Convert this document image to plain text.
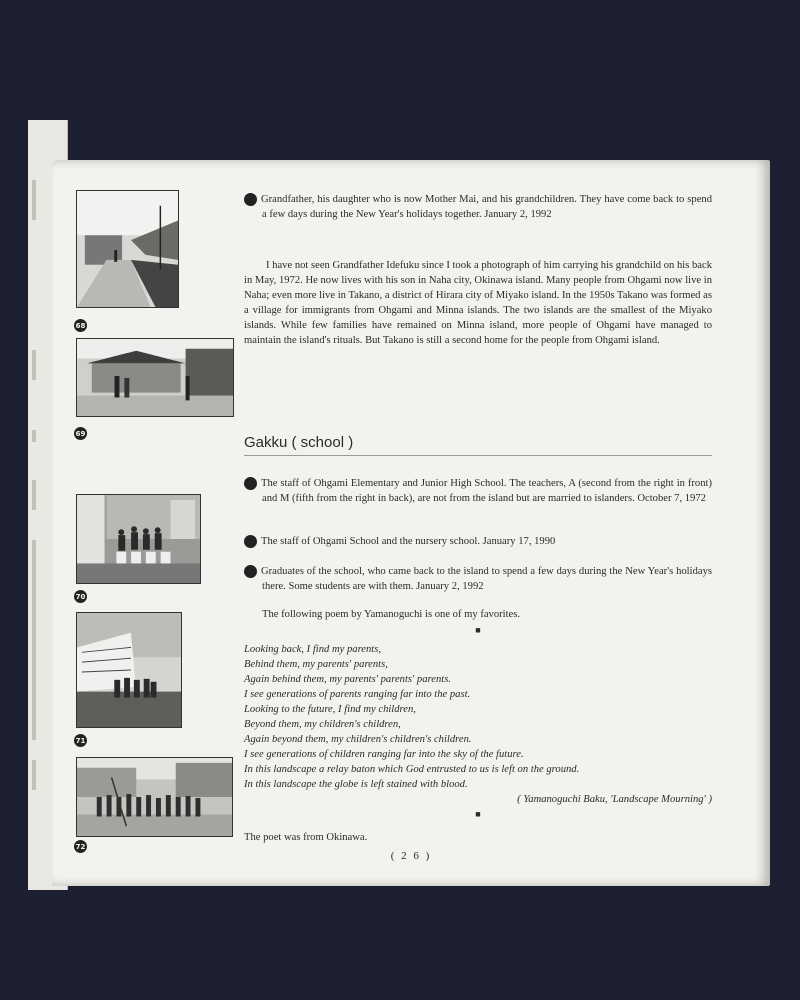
68
69
70
71
72
69 Grandfather, his daughter who is now Mother Mai, and his grandchildren. They have come back to spend a few days during the New Year's holidays together. January 2, 1992
I have not seen Grandfather Idefuku since I took a photograph of him carrying his grandchild on his back in May, 1972. He now lives with his son in Naha city, Okinawa island. Many people from Ohgami now live in Naha; even more live in Takano, a district of Hirara city of Miyako island. In the 1950s Takano was formed as a village for immigrants from Ohgami and Minna islands. The two islands are the smallest of the Miyako islands. While few families have remained on Minna island, more people of Ohgami have managed to maintain the island's rituals. But Takano is still a second home for the people from Ohgami island.
Gakku ( school )
70 The staff of Ohgami Elementary and Junior High School. The teachers, A (second from the right in front) and M (fifth from the right in back), are not from the island but are married to islanders. October 7, 1972
71 The staff of Ohgami School and the nursery school. January 17, 1990
72 Graduates of the school, who came back to the island to spend a few days during the New Year's holidays there. Some students are with them. January 2, 1992
The following poem by Yamanoguchi is one of my favorites.
■
Looking back, I find my parents,
Behind them, my parents' parents,
Again behind them, my parents' parents' parents.
I see generations of parents ranging far into the past.
Looking to the future, I find my children,
Beyond them, my children's children,
Again beyond them, my children's children's children.
I see generations of children ranging far into the sky of the future.
In this landscape a relay baton which God entrusted to us is left on the ground.
In this landscape the globe is left stained with blood.
( Yamanoguchi Baku, 'Landscape Mourning' )
■
The poet was from Okinawa.
( 2 6 )
